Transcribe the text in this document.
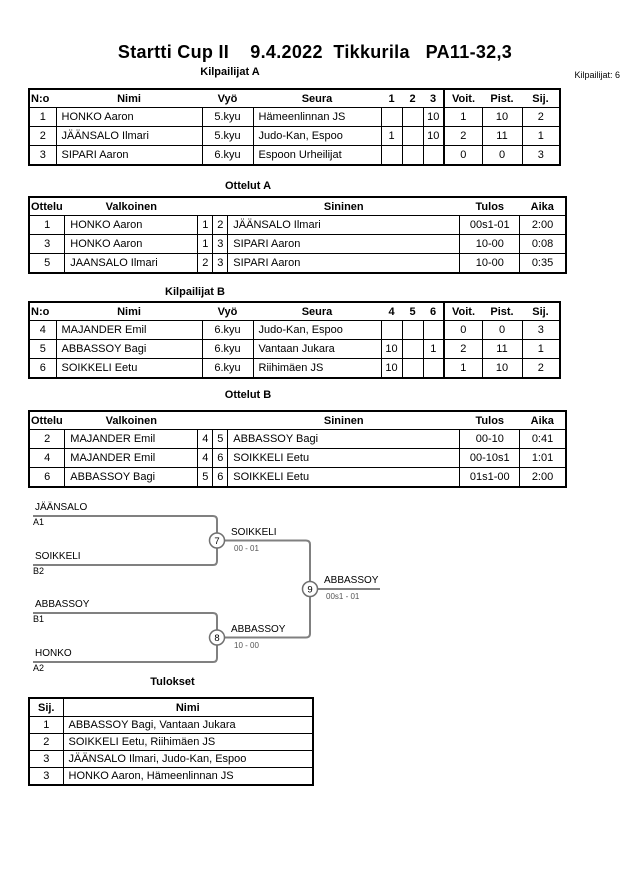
Startti Cup II    9.4.2022  Tikkurila   PA11-32,3
Kilpailijat A	Kilpailijat: 6
N:o	Nimi	Vyö	Seura	1	2	3	Voit.	Pist.	Sij.
1	HONKO Aaron	5.kyu	Hämeenlinnan JS			10	1	10	2
2	JÄÄNSALO Ilmari	5.kyu	Judo-Kan, Espoo	1		10	2	11	1
3	SIPARI Aaron	6.kyu	Espoon Urheilijat				0	0	3
Ottelut A
Ottelu	Valkoinen			Sininen	Tulos	Aika
1	HONKO Aaron	1	2	JÄÄNSALO Ilmari	00s1-01	2:00
3	HONKO Aaron	1	3	SIPARI Aaron	10-00	0:08
5	JAANSALO Ilmari	2	3	SIPARI Aaron	10-00	0:35
Kilpailijat B
N:o	Nimi	Vyö	Seura	4	5	6	Voit.	Pist.	Sij.
4	MAJANDER Emil	6.kyu	Judo-Kan, Espoo				0	0	3
5	ABBASSOY Bagi	6.kyu	Vantaan Jukara	10		1	2	11	1
6	SOIKKELI Eetu	6.kyu	Riihimäen JS	10			1	10	2
Ottelut B
Ottelu	Valkoinen			Sininen	Tulos	Aika
2	MAJANDER Emil	4	5	ABBASSOY Bagi	00-10	0:41
4	MAJANDER Emil	4	6	SOIKKELI Eetu	00-10s1	1:01
6	ABBASSOY Bagi	5	6	SOIKKELI Eetu	01s1-00	2:00
7
8
9
JÄÄNSALO
A1
SOIKKELI
B2
SOIKKELI
00 - 01
ABBASSOY
B1
HONKO
A2
ABBASSOY
10 - 00
ABBASSOY
00s1 - 01
Tulokset
Sij.	Nimi
1	ABBASSOY Bagi, Vantaan Jukara
2	SOIKKELI Eetu, Riihimäen JS
3	JÄÄNSALO Ilmari, Judo-Kan, Espoo
3	HONKO Aaron, Hämeenlinnan JS
